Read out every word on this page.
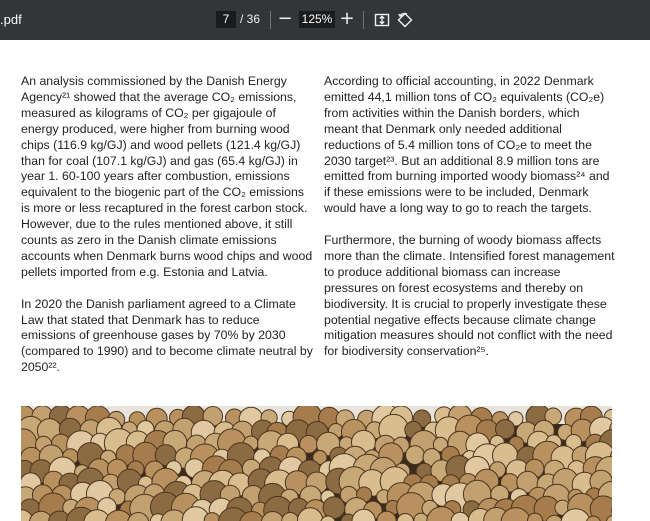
.pdf	7 / 36 − 125% +

An analysis commissioned by the Danish Energy Agency²¹ showed that the average CO₂ emissions, measured as kilograms of CO₂ per gigajoule of energy produced, were higher from burning wood chips (116.9 kg/GJ) and wood pellets (121.4 kg/GJ) than for coal (107.1 kg/GJ) and gas (65.4 kg/GJ) in year 1. 60-100 years after combustion, emissions equivalent to the biogenic part of the CO₂ emissions is more or less recaptured in the forest carbon stock. However, due to the rules mentioned above, it still counts as zero in the Danish climate emissions accounts when Denmark burns wood chips and wood pellets imported from e.g. Estonia and Latvia.

In 2020 the Danish parliament agreed to a Climate Law that stated that Denmark has to reduce emissions of greenhouse gases by 70% by 2030 (compared to 1990) and to become climate neutral by 2050²².

According to official accounting, in 2022 Denmark emitted 44,1 million tons of CO₂ equivalents (CO₂e) from activities within the Danish borders, which meant that Denmark only needed additional reductions of 5.4 million tons of CO₂e to meet the 2030 target²³. But an additional 8.9 million tons are emitted from burning imported woody biomass²⁴ and if these emissions were to be included, Denmark would have a long way to go to reach the targets.

Furthermore, the burning of woody biomass affects more than the climate. Intensified forest management to produce additional biomass can increase pressures on forest ecosystems and thereby on biodiversity. It is crucial to properly investigate these potential negative effects because climate change mitigation measures should not conflict with the need for biodiversity conservation²⁵.
